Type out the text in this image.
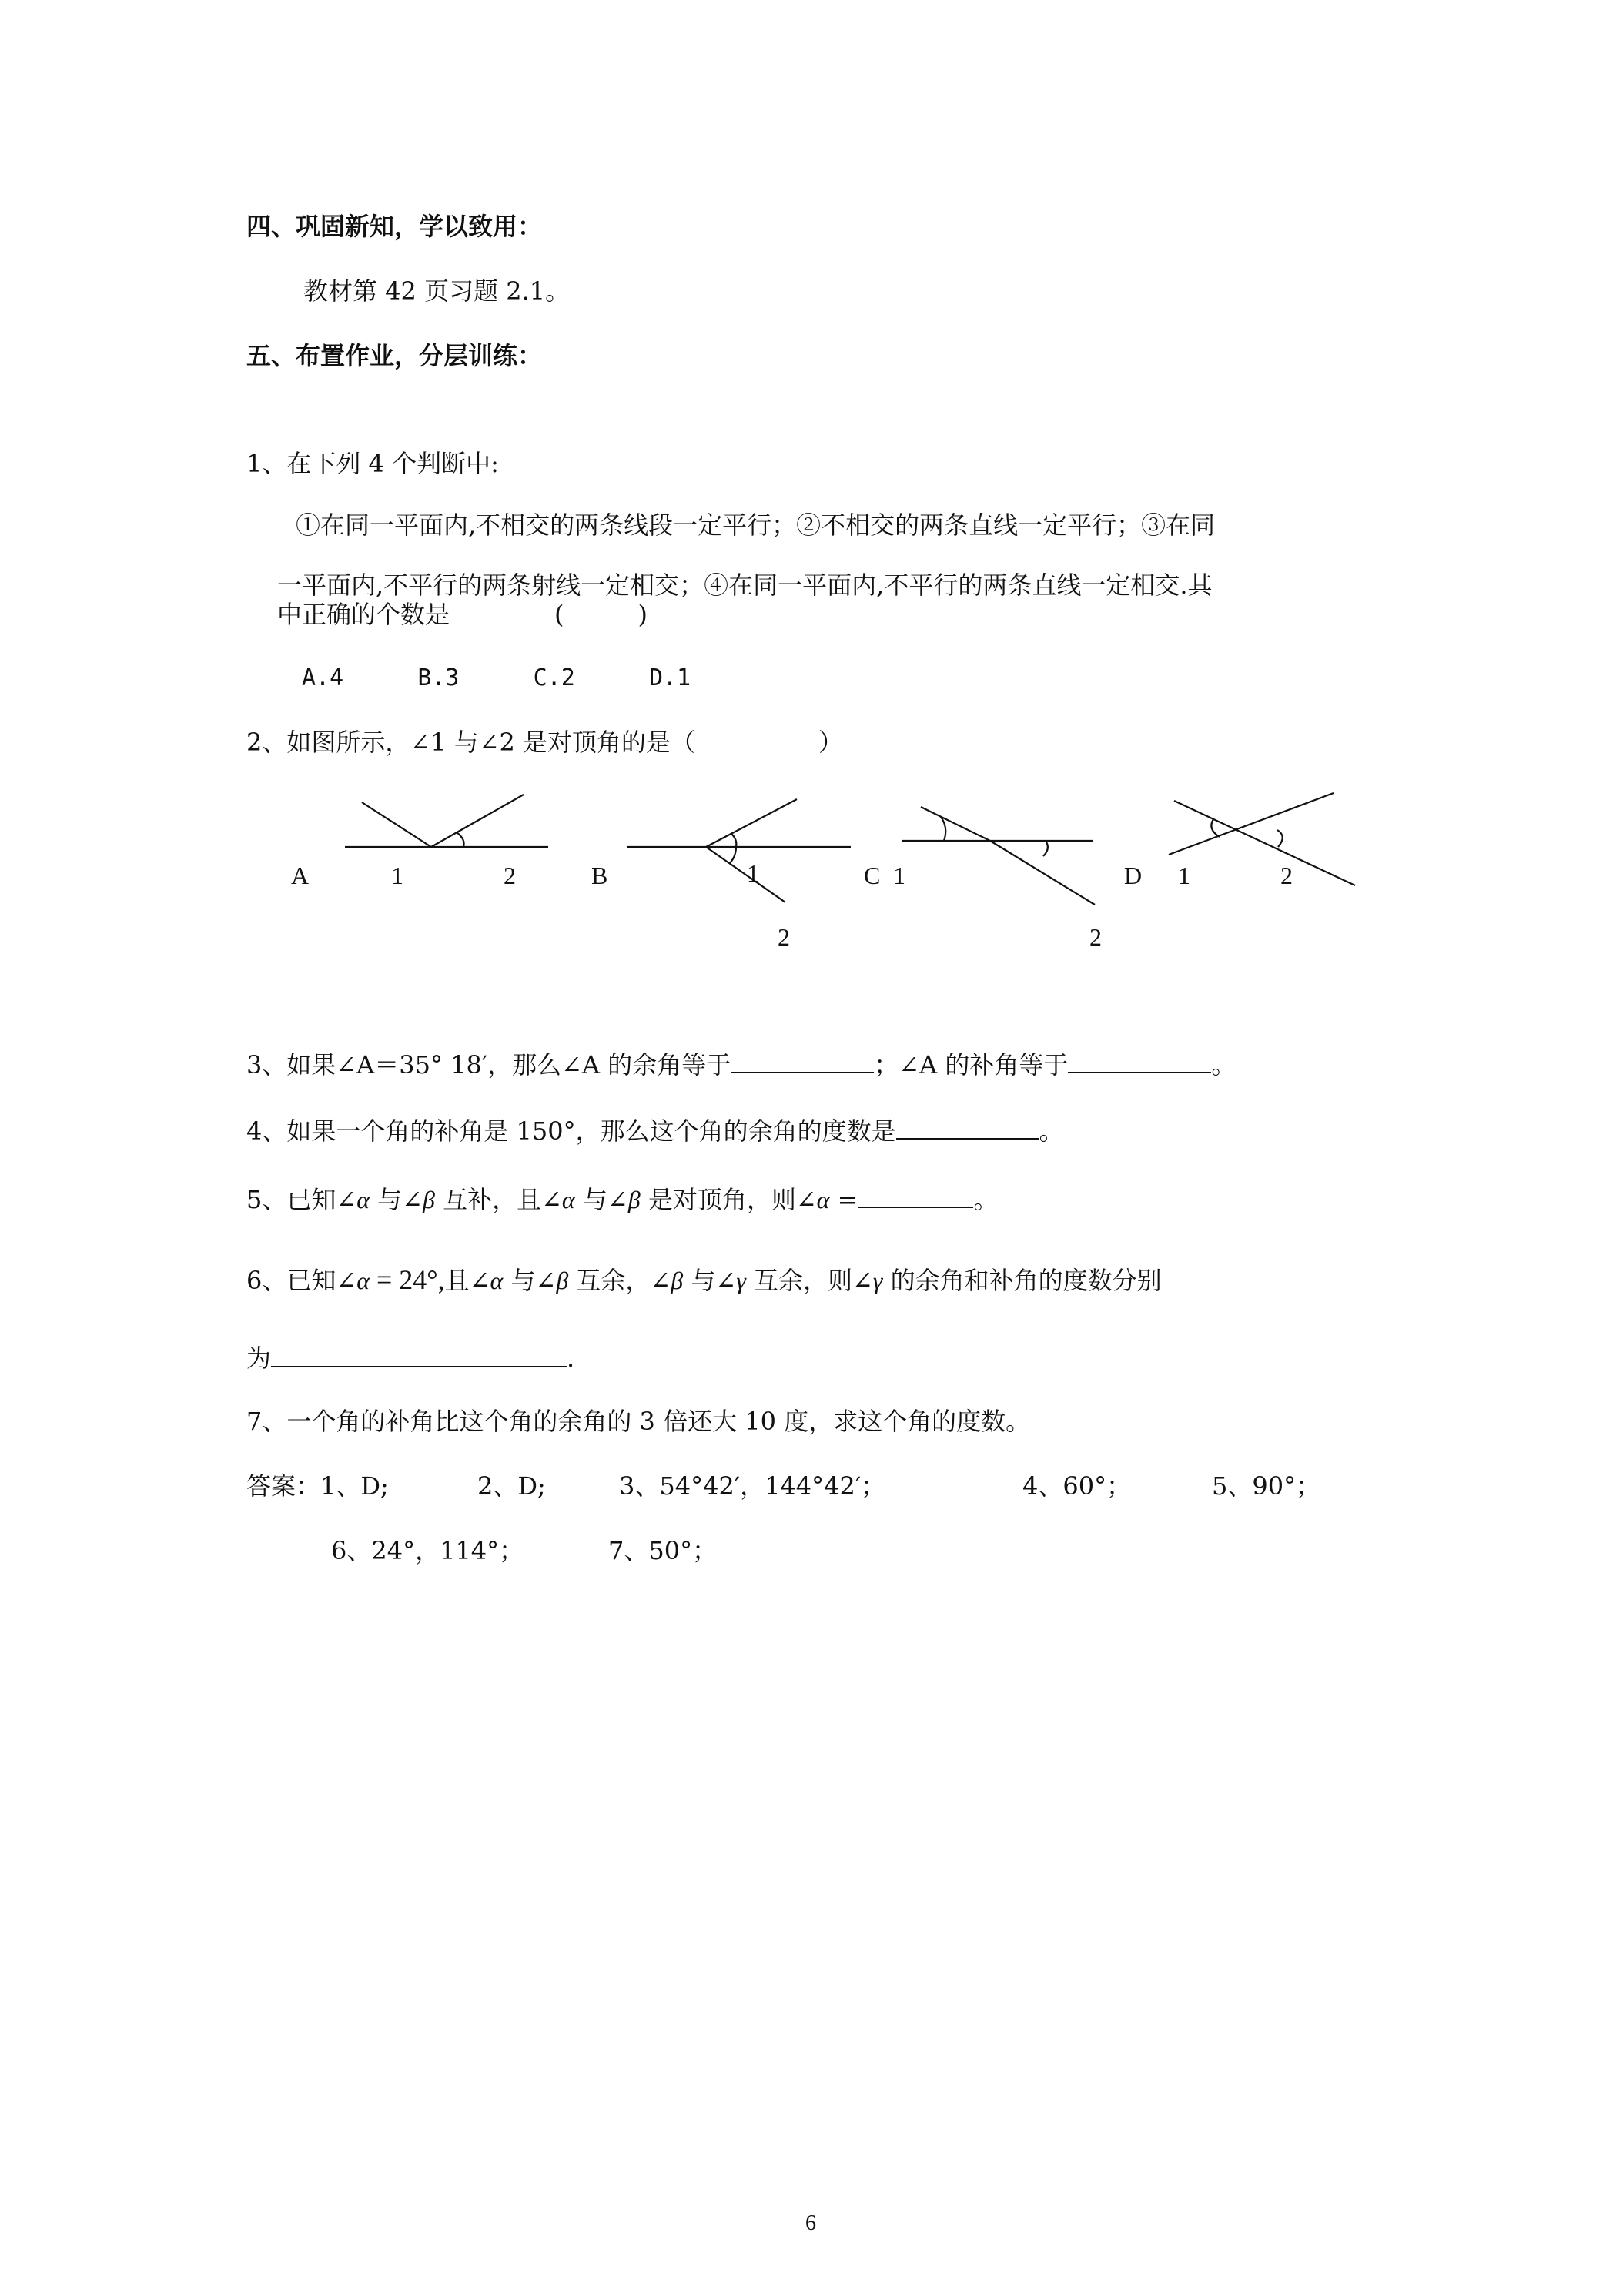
四、巩固新知，学以致用：
教材第 42 页习题 2.1。
五、布置作业，分层训练：
1、在下列 4 个判断中:
①在同一平面内,不相交的两条线段一定平行；②不相交的两条直线一定平行；③在同
一平面内,不平行的两条射线一定相交；④在同一平面内,不平行的两条直线一定相交.其
中正确的个数是	(　　　)
A.4	B.3	C.2	D.1
2、如图所示，∠1 与∠2 是对顶角的是（　　　　　）
A	1	2	B	1
2
C 1
2
D 1	2
3、如果∠A＝35° 18′，那么∠A 的余角等于	；∠A 的补角等于	。
4、如果一个角的补角是 150°，那么这个角的余角的度数是	。
5、已知∠α 与∠β 互补，且∠α 与∠β 是对顶角，则∠α =	。
6、已知∠α = 24°,且∠α 与∠β 互余，∠β 与∠γ 互余，则∠γ 的余角和补角的度数分别
为	.
7、一个角的补角比这个角的余角的 3 倍还大 10 度，求这个角的度数。
答案：1、D;	2、D;	3、54°42′，144°42′；	4、60°；	5、90°；
6、24°，114°；	7、50°；
6
